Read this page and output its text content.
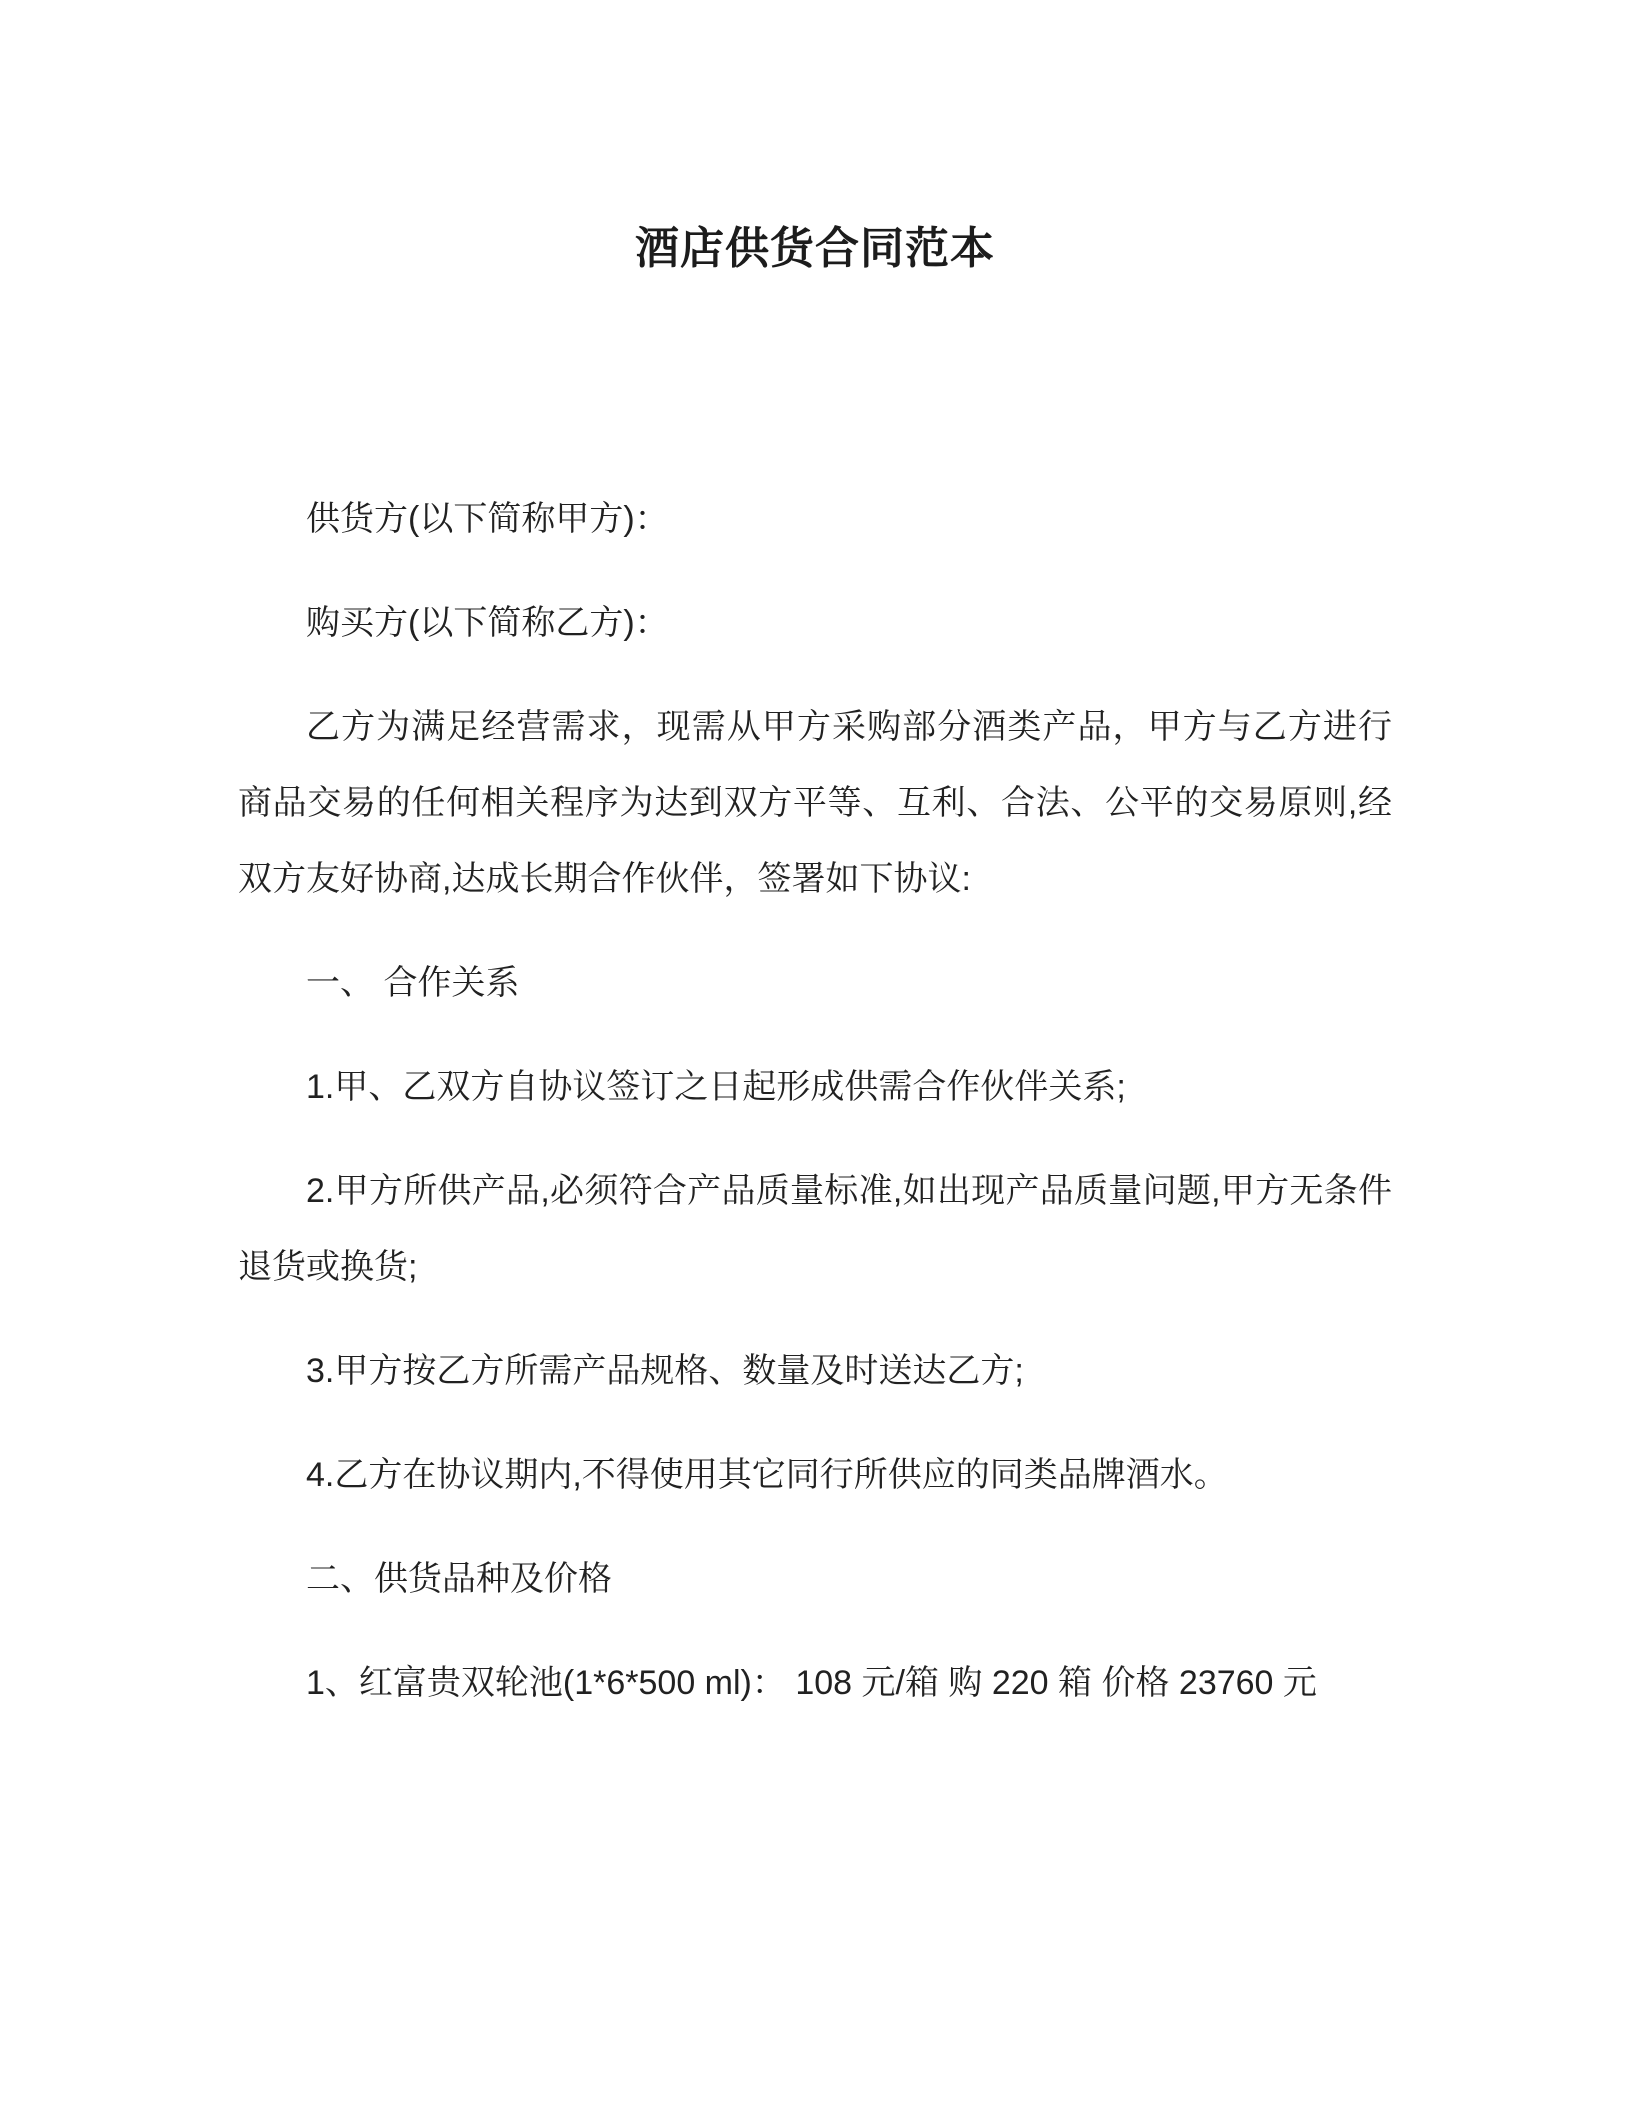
酒店供货合同范本

供货方(以下简称甲方)：

购买方(以下简称乙方)：

乙方为满足经营需求，现需从甲方采购部分酒类产品，甲方与乙方进行商品交易的任何相关程序为达到双方平等、互利、合法、公平的交易原则,经双方友好协商,达成长期合作伙伴，签署如下协议:

一、 合作关系

1.甲、乙双方自协议签订之日起形成供需合作伙伴关系;

2.甲方所供产品,必须符合产品质量标准,如出现产品质量问题,甲方无条件退货或换货;

3.甲方按乙方所需产品规格、数量及时送达乙方;

4.乙方在协议期内,不得使用其它同行所供应的同类品牌酒水。

二、供货品种及价格

1、红富贵双轮池(1*6*500 ml)： 108 元/箱 购 220 箱 价格 23760 元
